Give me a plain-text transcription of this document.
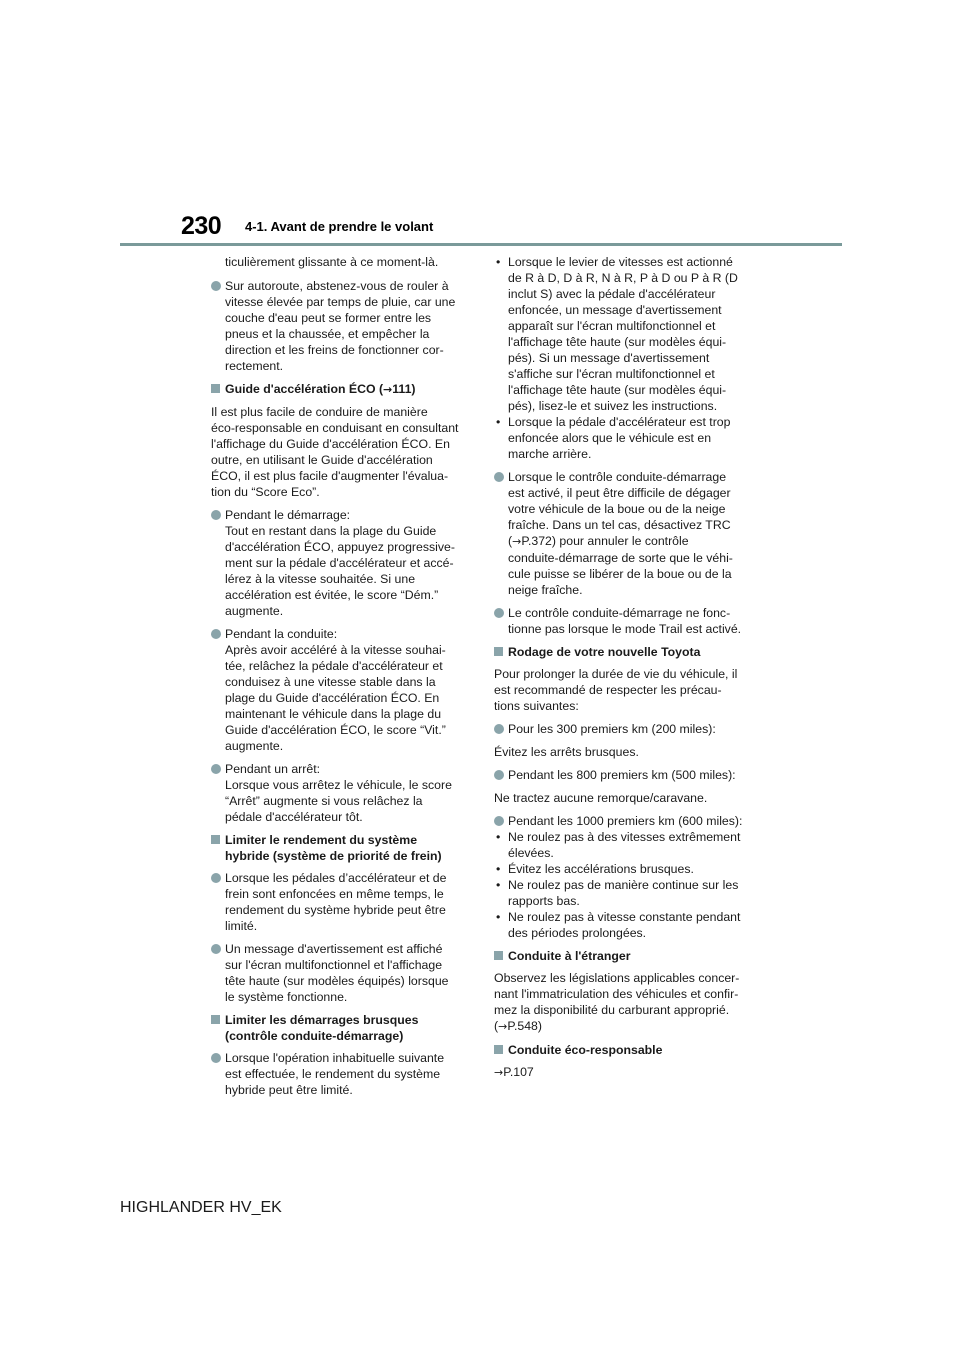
230 4-1. Avant de prendre le volant

ticulièrement glissante à ce moment-là.

Sur autoroute, abstenez-vous de rouler à
vitesse élevée par temps de pluie, car une
couche d'eau peut se former entre les
pneus et la chaussée, et empêcher la
direction et les freins de fonctionner cor-
rectement.
Guide d'accélération ÉCO (→111)

Il est plus facile de conduire de manière
éco-responsable en conduisant en consultant
l'affichage du Guide d'accélération ÉCO. En
outre, en utilisant le Guide d'accélération
ÉCO, il est plus facile d'augmenter l'évalua-
tion du “Score Eco”.

Pendant le démarrage:
Tout en restant dans la plage du Guide
d'accélération ÉCO, appuyez progressive-
ment sur la pédale d'accélérateur et accé-
lérez à la vitesse souhaitée. Si une
accélération est évitée, le score “Dém.”
augmente.
Pendant la conduite:
Après avoir accéléré à la vitesse souhai-
tée, relâchez la pédale d'accélérateur et
conduisez à une vitesse stable dans la
plage du Guide d'accélération ÉCO. En
maintenant le véhicule dans la plage du
Guide d'accélération ÉCO, le score “Vit.”
augmente.
Pendant un arrêt:
Lorsque vous arrêtez le véhicule, le score
“Arrêt” augmente si vous relâchez la
pédale d'accélérateur tôt.
Limiter le rendement du système
hybride (système de priorité de frein)
Lorsque les pédales d’accélérateur et de
frein sont enfoncées en même temps, le
rendement du système hybride peut être
limité.
Un message d'avertissement est affiché
sur l'écran multifonctionnel et l'affichage
tête haute (sur modèles équipés) lorsque
le système fonctionne.
Limiter les démarrages brusques
(contrôle conduite-démarrage)
Lorsque l'opération inhabituelle suivante
est effectuée, le rendement du système
hybride peut être limité.
• Lorsque le levier de vitesses est actionné
de R à D, D à R, N à R, P à D ou P à R (D
inclut S) avec la pédale d'accélérateur
enfoncée, un message d'avertissement
apparaît sur l'écran multifonctionnel et
l'affichage tête haute (sur modèles équi-
pés). Si un message d'avertissement
s'affiche sur l'écran multifonctionnel et
l'affichage tête haute (sur modèles équi-
pés), lisez-le et suivez les instructions.
• Lorsque la pédale d'accélérateur est trop
enfoncée alors que le véhicule est en
marche arrière.
Lorsque le contrôle conduite-démarrage
est activé, il peut être difficile de dégager
votre véhicule de la boue ou de la neige
fraîche. Dans un tel cas, désactivez TRC
(→P.372) pour annuler le contrôle
conduite-démarrage de sorte que le véhi-
cule puisse se libérer de la boue ou de la
neige fraîche.
Le contrôle conduite-démarrage ne fonc-
tionne pas lorsque le mode Trail est activé.
Rodage de votre nouvelle Toyota

Pour prolonger la durée de vie du véhicule, il
est recommandé de respecter les précau-
tions suivantes:

Pour les 300 premiers km (200 miles):

Évitez les arrêts brusques.

Pendant les 800 premiers km (500 miles):

Ne tractez aucune remorque/caravane.

Pendant les 1000 premiers km (600 miles):
• Ne roulez pas à des vitesses extrêmement
élevées.
• Évitez les accélérations brusques.
• Ne roulez pas de manière continue sur les
rapports bas.
• Ne roulez pas à vitesse constante pendant
des périodes prolongées.
Conduite à l'étranger

Observez les législations applicables concer-
nant l'immatriculation des véhicules et confir-
mez la disponibilité du carburant approprié.
(→P.548)

Conduite éco-responsable

→P.107

HIGHLANDER HV_EK
